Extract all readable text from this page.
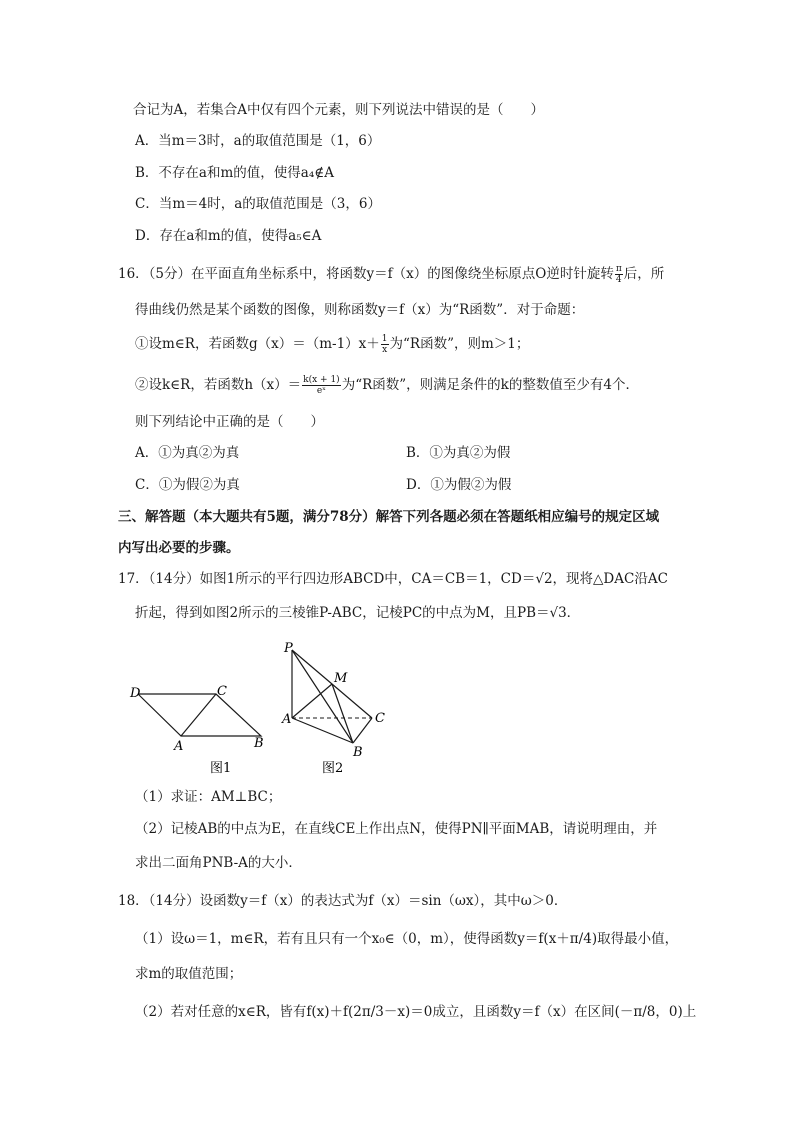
合记为A，若集合A中仅有四个元素，则下列说法中错误的是（　　）
A．当m＝3时，a的取值范围是（1，6）
B．不存在a和m的值，使得a₄∉A
C．当m＝4时，a的取值范围是（3，6）
D．存在a和m的值，使得a₅∈A
16．（5分）在平面直角坐标系中，将函数y＝f（x）的图像绕坐标原点O逆时针旋转 $\frac{\pi}{4}$ 后，所
得曲线仍然是某个函数的图像，则称函数y＝f（x）为“R函数”．对于命题：
①设m∈R，若函数$g(x)=(m-1)x+ \frac{1}{x}$ 为“R函数”，则m＞1；
②设k∈R，若函数$h(x)= \frac{k(x + 1)}{\text{eˣ}}$ 为“R函数”，则满足条件的k的整数值至少有4个．
则下列结论中正确的是（　　）
A．①为真②为真	B．①为真②为假
C．①为假②为真	D．①为假②为假
三、解答题（本大题共有5题，满分78分）解答下列各题必须在答题纸相应编号的规定区域
内写出必要的步骤。
17．（14分）如图1所示的平行四边形ABCD中，CA＝CB＝1，CD＝√2，现将△DAC沿AC
折起，得到如图2所示的三棱锥P-ABC，记棱PC的中点为M，且PB＝√3．
D	C
A	B
图1
P
M
A	C
B
图2
（1）求证：AM⊥BC；
（2）记棱AB的中点为E，在直线CE上作出点N，使得PN∥平面MAB，请说明理由，并
求出二面角PNB-A的大小．
18．（14分）设函数y＝f（x）的表达式为f（x）＝sin（ωx），其中ω＞0．
（1）设ω＝1，m∈R，若有且只有一个x₀∈（0，m），使得函数y＝f(x＋π/4)取得最小值，
求m的取值范围；
（2）若对任意的x∈R，皆有f(x)＋f(2π/3－x)＝0成立，且函数y＝f（x）在区间(－π/8，0)上
